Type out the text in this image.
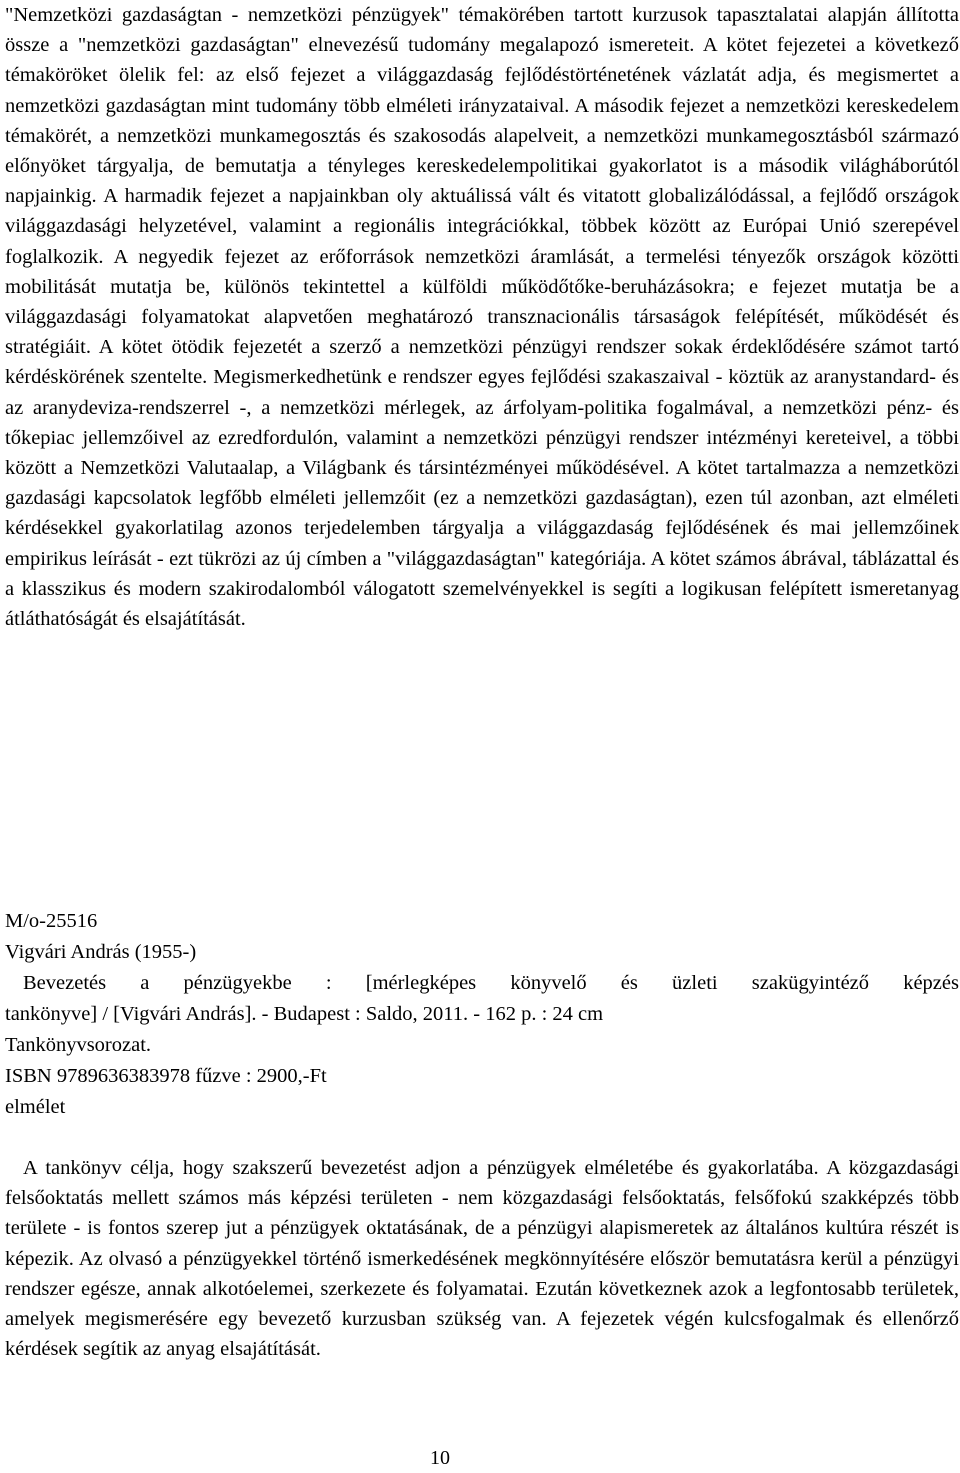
"Nemzetközi gazdaságtan - nemzetközi pénzügyek" témakörében tartott kurzusok tapasztalatai alapján állította össze a "nemzetközi gazdaságtan" elnevezésű tudomány megalapozó ismereteit. A kötet fejezetei a következő témaköröket ölelik fel: az első fejezet a világgazdaság fejlődéstörténetének vázlatát adja, és megismertet a nemzetközi gazdaságtan mint tudomány több elméleti irányzataival. A második fejezet a nemzetközi kereskedelem témakörét, a nemzetközi munkamegosztás és szakosodás alapelveit, a nemzetközi munkamegosztásból származó előnyöket tárgyalja, de bemutatja a tényleges kereskedelempolitikai gyakorlatot is a második világháborútól napjainkig. A harmadik fejezet a napjainkban oly aktuálissá vált és vitatott globalizálódással, a fejlődő országok világgazdasági helyzetével, valamint a regionális integrációkkal, többek között az Európai Unió szerepével foglalkozik. A negyedik fejezet az erőforrások nemzetközi áramlását, a termelési tényezők országok közötti mobilitását mutatja be, különös tekintettel a külföldi működőtőke-beruházásokra; e fejezet mutatja be a világgazdasági folyamatokat alapvetően meghatározó transznacionális társaságok felépítését, működését és stratégiáit. A kötet ötödik fejezetét a szerző a nemzetközi pénzügyi rendszer sokak érdeklődésére számot tartó kérdéskörének szentelte. Megismerkedhetünk e rendszer egyes fejlődési szakaszaival - köztük az aranystandard- és az aranydeviza-rendszerrel -, a nemzetközi mérlegek, az árfolyam-politika fogalmával, a nemzetközi pénz- és tőkepiac jellemzőivel az ezredfordulón, valamint a nemzetközi pénzügyi rendszer intézményi kereteivel, a többi között a Nemzetközi Valutaalap, a Világbank és társintézményei működésével. A kötet tartalmazza a nemzetközi gazdasági kapcsolatok legfőbb elméleti jellemzőit (ez a nemzetközi gazdaságtan), ezen túl azonban, azt elméleti kérdésekkel gyakorlatilag azonos terjedelemben tárgyalja a világgazdaság fejlődésének és mai jellemzőinek empirikus leírását - ezt tükrözi az új címben a "világgazdaságtan" kategóriája. A kötet számos ábrával, táblázattal és a klasszikus és modern szakirodalomból válogatott szemelvényekkel is segíti a logikusan felépített ismeretanyag átláthatóságát és elsajátítását.

M/o-25516

Vigvári András (1955-)

Bevezetés a pénzügyekbe : [mérlegképes könyvelő és üzleti szakügyintéző képzés

tankönyve] / [Vigvári András]. - Budapest : Saldo, 2011. - 162 p. : 24 cm

Tankönyvsorozat.

ISBN 9789636383978 fűzve : 2900,-Ft

elmélet

A tankönyv célja, hogy szakszerű bevezetést adjon a pénzügyek elméletébe és gyakorlatába. A közgazdasági felsőoktatás mellett számos más képzési területen - nem közgazdasági felsőoktatás, felsőfokú szakképzés több területe - is fontos szerep jut a pénzügyek oktatásának, de a pénzügyi alapismeretek az általános kultúra részét is képezik. Az olvasó a pénzügyekkel történő ismerkedésének megkönnyítésére először bemutatásra kerül a pénzügyi rendszer egésze, annak alkotóelemei, szerkezete és folyamatai. Ezután következnek azok a legfontosabb területek, amelyek megismerésére egy bevezető kurzusban szükség van. A fejezetek végén kulcsfogalmak és ellenőrző kérdések segítik az anyag elsajátítását.

10
